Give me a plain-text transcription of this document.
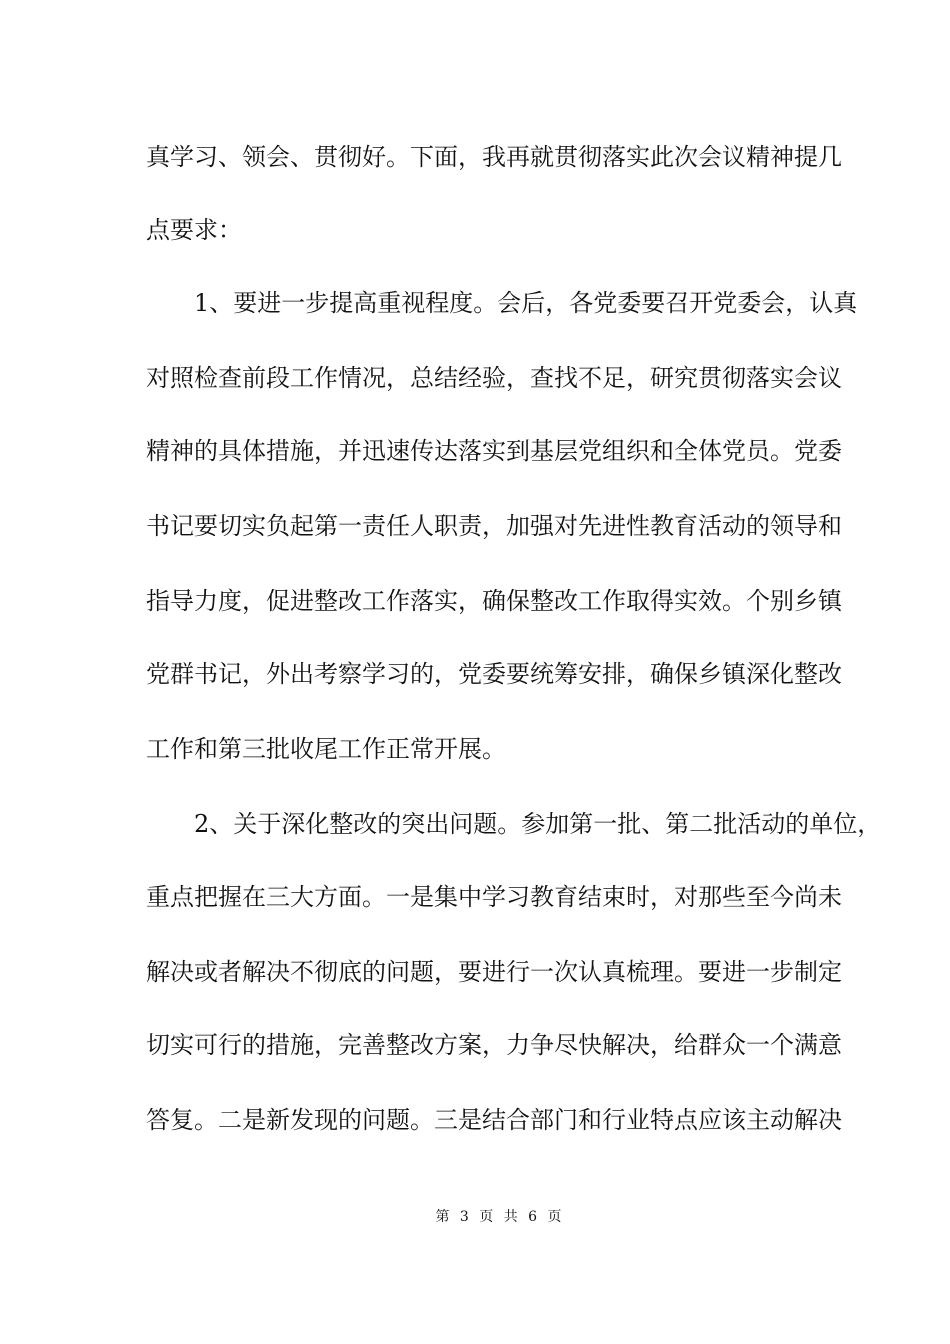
真学习、领会、贯彻好。下面，我再就贯彻落实此次会议精神提几
点要求：
1、要进一步提高重视程度。会后，各党委要召开党委会，认真
对照检查前段工作情况，总结经验，查找不足，研究贯彻落实会议
精神的具体措施，并迅速传达落实到基层党组织和全体党员。党委
书记要切实负起第一责任人职责，加强对先进性教育活动的领导和
指导力度，促进整改工作落实，确保整改工作取得实效。个别乡镇
党群书记，外出考察学习的，党委要统筹安排，确保乡镇深化整改
工作和第三批收尾工作正常开展。
2、关于深化整改的突出问题。参加第一批、第二批活动的单位，
重点把握在三大方面。一是集中学习教育结束时，对那些至今尚未
解决或者解决不彻底的问题，要进行一次认真梳理。要进一步制定
切实可行的措施，完善整改方案，力争尽快解决，给群众一个满意
答复。二是新发现的问题。三是结合部门和行业特点应该主动解决
第 3 页 共 6 页
